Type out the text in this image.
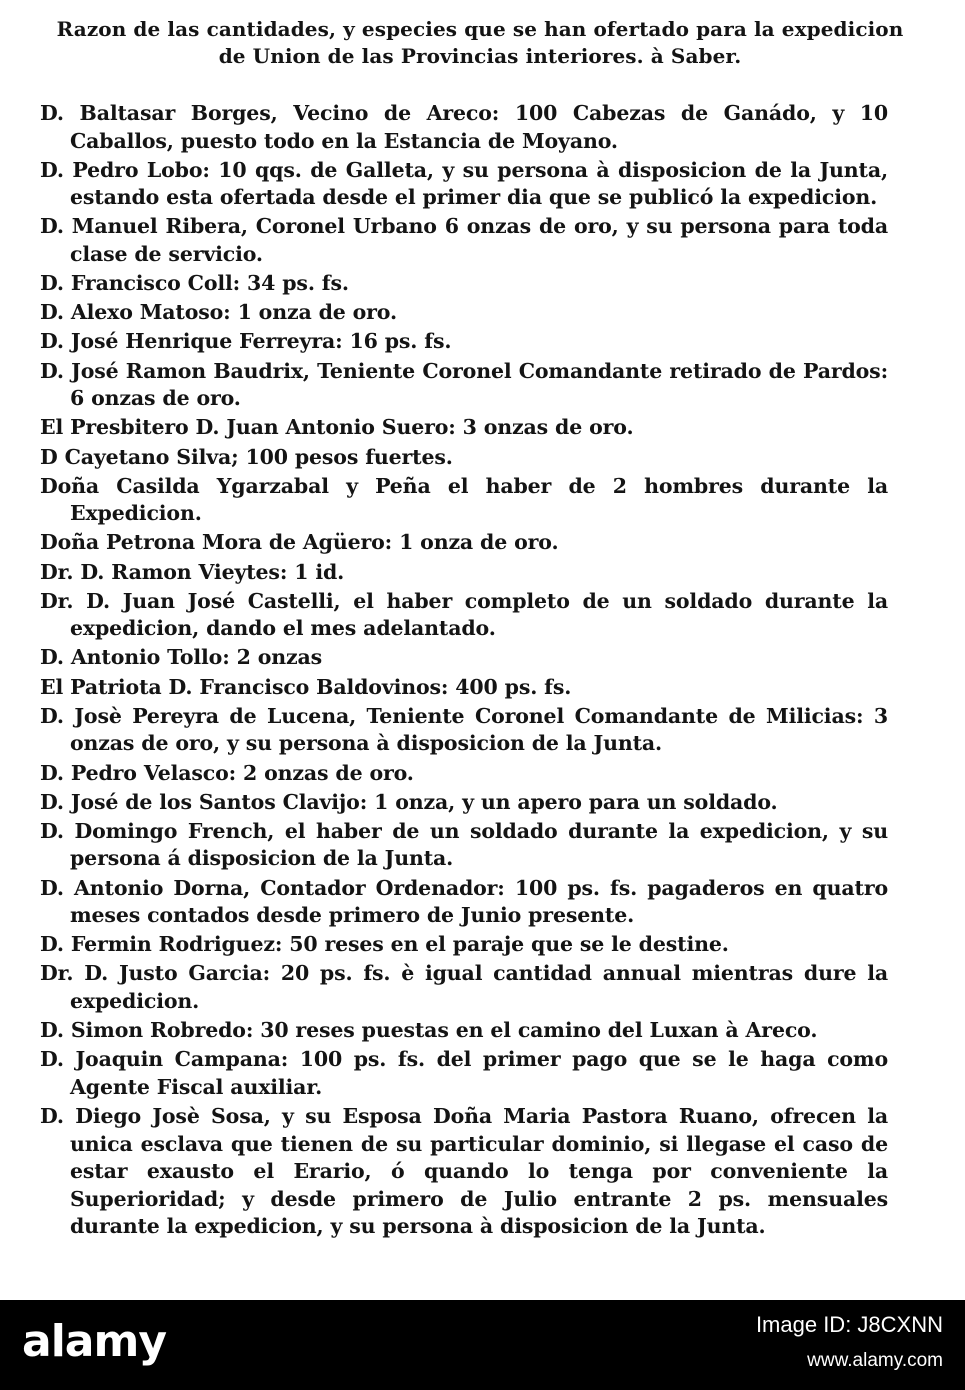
Razon de las cantidades, y especies que se han ofertado para la expedicion de Union de las Provincias interiores. à Saber.
D. Baltasar Borges, Vecino de Areco: 100 Cabezas de Ganádo, y 10 Caballos, puesto todo en la Estancia de Moyano.
D. Pedro Lobo: 10 qqs. de Galleta, y su persona à disposicion de la Junta, estando esta ofertada desde el primer dia que se publicó la expedicion.
D. Manuel Ribera, Coronel Urbano 6 onzas de oro, y su persona para toda clase de servicio.
D. Francisco Coll: 34 ps. fs.
D. Alexo Matoso: 1 onza de oro.
D. José Henrique Ferreyra: 16 ps. fs.
D. José Ramon Baudrix, Teniente Coronel Comandante retirado de Pardos: 6 onzas de oro.
El Presbitero D. Juan Antonio Suero: 3 onzas de oro.
D Cayetano Silva; 100 pesos fuertes.
Doña Casilda Ygarzabal y Peña el haber de 2 hombres durante la Expedicion.
Doña Petrona Mora de Agüero: 1 onza de oro.
Dr. D. Ramon Vieytes: 1 id.
Dr. D. Juan José Castelli, el haber completo de un soldado durante la expedicion, dando el mes adelantado.
D. Antonio Tollo: 2 onzas
El Patriota D. Francisco Baldovinos: 400 ps. fs.
D. Josè Pereyra de Lucena, Teniente Coronel Comandante de Milicias: 3 onzas de oro, y su persona à disposicion de la Junta.
D. Pedro Velasco: 2 onzas de oro.
D. José de los Santos Clavijo: 1 onza, y un apero para un soldado.
D. Domingo French, el haber de un soldado durante la expedicion, y su persona á disposicion de la Junta.
D. Antonio Dorna, Contador Ordenador: 100 ps. fs. pagaderos en quatro meses contados desde primero de Junio presente.
D. Fermin Rodriguez: 50 reses en el paraje que se le destine.
Dr. D. Justo Garcia: 20 ps. fs. è igual cantidad annual mientras dure la expedicion.
D. Simon Robredo: 30 reses puestas en el camino del Luxan à Areco.
D. Joaquin Campana: 100 ps. fs. del primer pago que se le haga como Agente Fiscal auxiliar.
D. Diego Josè Sosa, y su Esposa Doña Maria Pastora Ruano, ofrecen la unica esclava que tienen de su particular dominio, si llegase el caso de estar exausto el Erario, ó quando lo tenga por conveniente la Superioridad; y desde primero de Julio entrante 2 ps. mensuales durante la expedicion, y su persona à disposicion de la Junta.
alamy	Image ID: J8CXNN
www.alamy.com
